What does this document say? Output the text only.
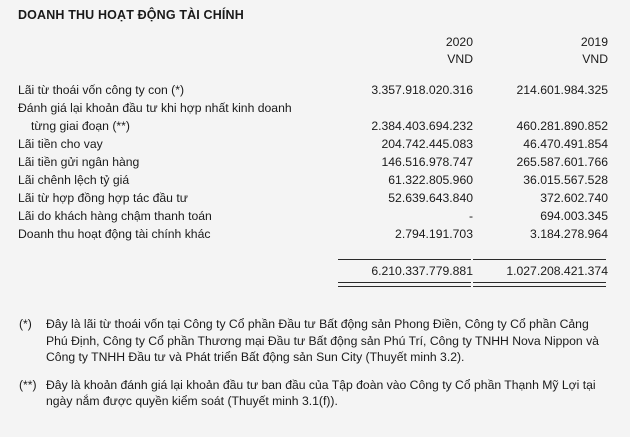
DOANH THU HOẠT ĐỘNG TÀI CHÍNH
	2020	2019
	VND	VND

Lãi từ thoái vốn công ty con (*)	3.357.918.020.316	214.601.984.325
Đánh giá lại khoản đầu tư khi hợp nhất kinh doanh		
từng giai đoạn (**)	2.384.403.694.232	460.281.890.852
Lãi tiền cho vay	204.742.445.083	46.470.491.854
Lãi tiền gửi ngân hàng	146.516.978.747	265.587.601.766
Lãi chênh lệch tỷ giá	61.322.805.960	36.015.567.528
Lãi từ hợp đồng hợp tác đầu tư	52.639.643.840	372.602.740
Lãi do khách hàng chậm thanh toán	-	694.003.345
Doanh thu hoạt động tài chính khác	2.794.191.703	3.184.278.964

	6.210.337.779.881	1.027.208.421.374

(*)	Đây là lãi từ thoái vốn tại Công ty Cổ phần Đầu tư Bất động sản Phong Điền, Công ty Cổ phần Cảng Phú Định, Công ty Cổ phần Thương mại Đầu tư Bất động sản Phú Trí, Công ty TNHH Nova Nippon và Công ty TNHH Đầu tư và Phát triển Bất động sản Sun City (Thuyết minh 3.2).
(**) Đây là khoản đánh giá lại khoản đầu tư ban đầu của Tập đoàn vào Công ty Cổ phần Thạnh Mỹ Lợi tại ngày nắm được quyền kiểm soát (Thuyết minh 3.1(f)).
